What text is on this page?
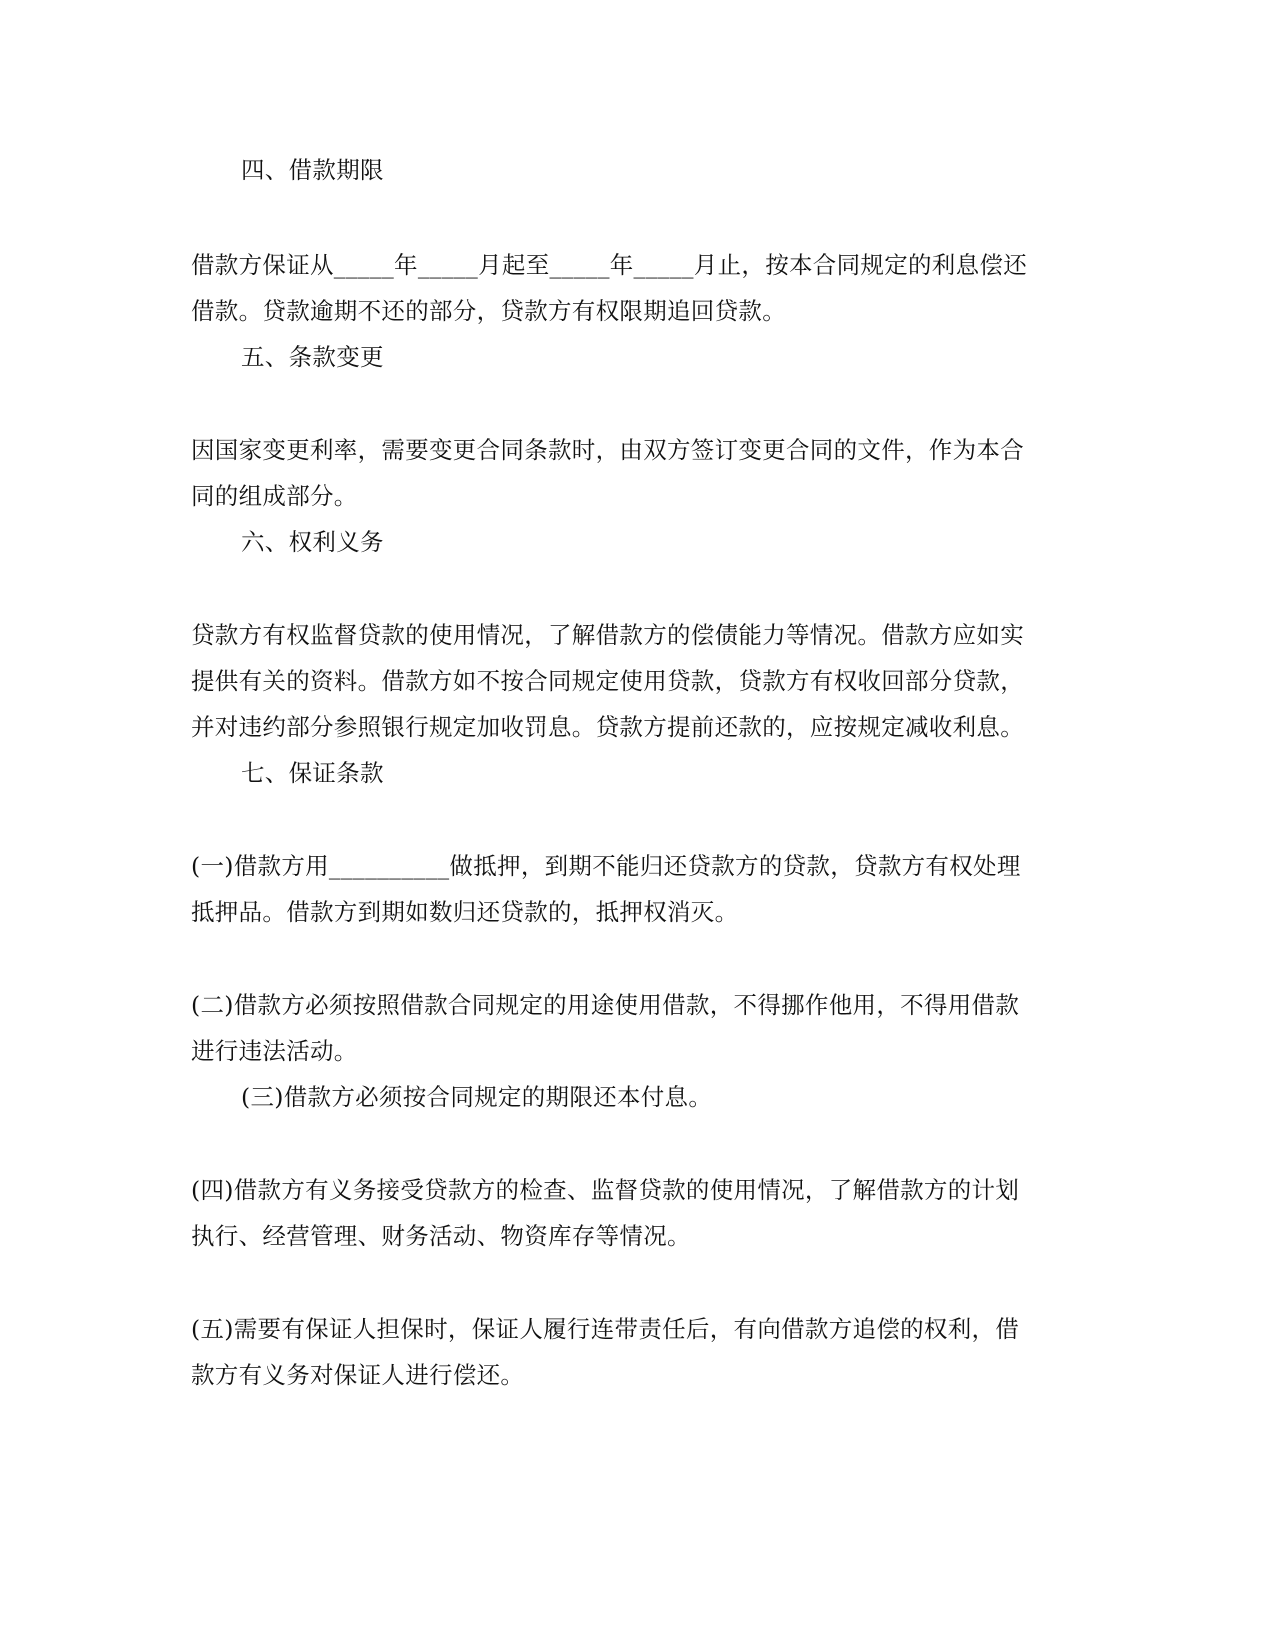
四、借款期限
借款方保证从_____年_____月起至_____年_____月止，按本合同规定的利息偿还
借款。贷款逾期不还的部分，贷款方有权限期追回贷款。
五、条款变更
因国家变更利率，需要变更合同条款时，由双方签订变更合同的文件，作为本合
同的组成部分。
六、权利义务
贷款方有权监督贷款的使用情况，了解借款方的偿债能力等情况。借款方应如实
提供有关的资料。借款方如不按合同规定使用贷款，贷款方有权收回部分贷款，
并对违约部分参照银行规定加收罚息。贷款方提前还款的，应按规定减收利息。
七、保证条款
(一)借款方用__________做抵押，到期不能归还贷款方的贷款，贷款方有权处理
抵押品。借款方到期如数归还贷款的，抵押权消灭。
(二)借款方必须按照借款合同规定的用途使用借款，不得挪作他用，不得用借款
进行违法活动。
(三)借款方必须按合同规定的期限还本付息。
(四)借款方有义务接受贷款方的检查、监督贷款的使用情况，了解借款方的计划
执行、经营管理、财务活动、物资库存等情况。
(五)需要有保证人担保时，保证人履行连带责任后，有向借款方追偿的权利，借
款方有义务对保证人进行偿还。
